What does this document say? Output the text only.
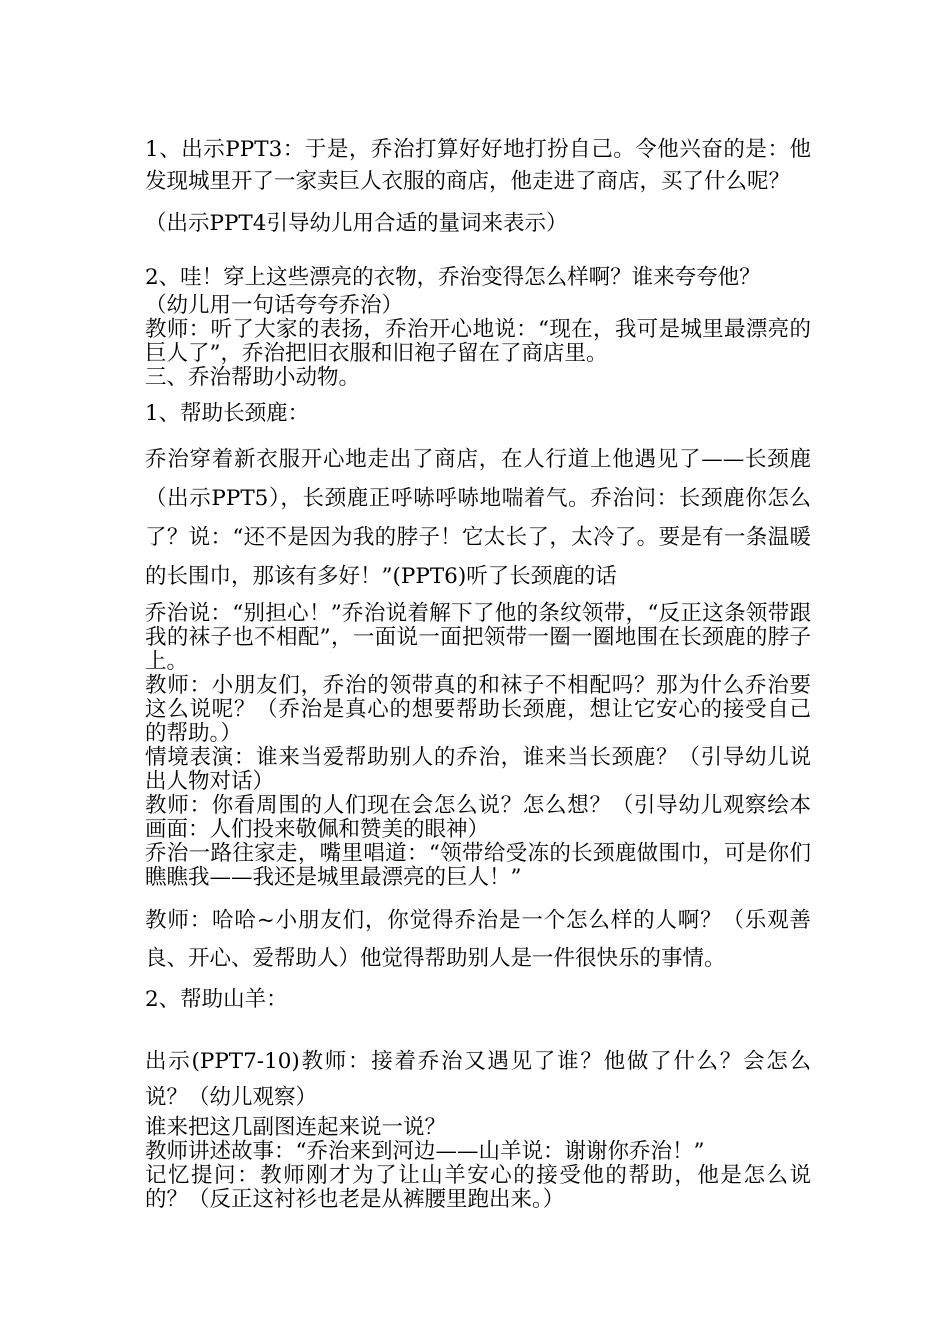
1、出示PPT3：于是，乔治打算好好地打扮自己。令他兴奋的是：他发现城里开了一家卖巨人衣服的商店，他走进了商店，买了什么呢？

（出示PPT4引导幼儿用合适的量词来表示）

2、哇！穿上这些漂亮的衣物，乔治变得怎么样啊？谁来夸夸他？

（幼儿用一句话夸夸乔治）

教师：听了大家的表扬，乔治开心地说：“现在，我可是城里最漂亮的巨人了”，乔治把旧衣服和旧袍子留在了商店里。

三、乔治帮助小动物。

1、帮助长颈鹿：

乔治穿着新衣服开心地走出了商店，在人行道上他遇见了——长颈鹿（出示PPT5），长颈鹿正呼哧呼哧地喘着气。乔治问：长颈鹿你怎么了？说：“还不是因为我的脖子！它太长了，太冷了。要是有一条温暖的长围巾，那该有多好！”(PPT6)听了长颈鹿的话

乔治说：“别担心！”乔治说着解下了他的条纹领带，“反正这条领带跟我的袜子也不相配”，一面说一面把领带一圈一圈地围在长颈鹿的脖子上。

教师：小朋友们，乔治的领带真的和袜子不相配吗？那为什么乔治要这么说呢？（乔治是真心的想要帮助长颈鹿，想让它安心的接受自己的帮助。）

情境表演：谁来当爱帮助别人的乔治，谁来当长颈鹿？（引导幼儿说出人物对话）

教师：你看周围的人们现在会怎么说？怎么想？（引导幼儿观察绘本画面：人们投来敬佩和赞美的眼神）

乔治一路往家走，嘴里唱道：“领带给受冻的长颈鹿做围巾，可是你们瞧瞧我——我还是城里最漂亮的巨人！”

教师：哈哈~小朋友们，你觉得乔治是一个怎么样的人啊？（乐观善良、开心、爱帮助人）他觉得帮助别人是一件很快乐的事情。

2、帮助山羊：

出示(PPT7-10)教师：接着乔治又遇见了谁？他做了什么？会怎么说？（幼儿观察）

谁来把这几副图连起来说一说？

教师讲述故事：“乔治来到河边——山羊说：谢谢你乔治！”

记忆提问：教师刚才为了让山羊安心的接受他的帮助，他是怎么说的？（反正这衬衫也老是从裤腰里跑出来。）
